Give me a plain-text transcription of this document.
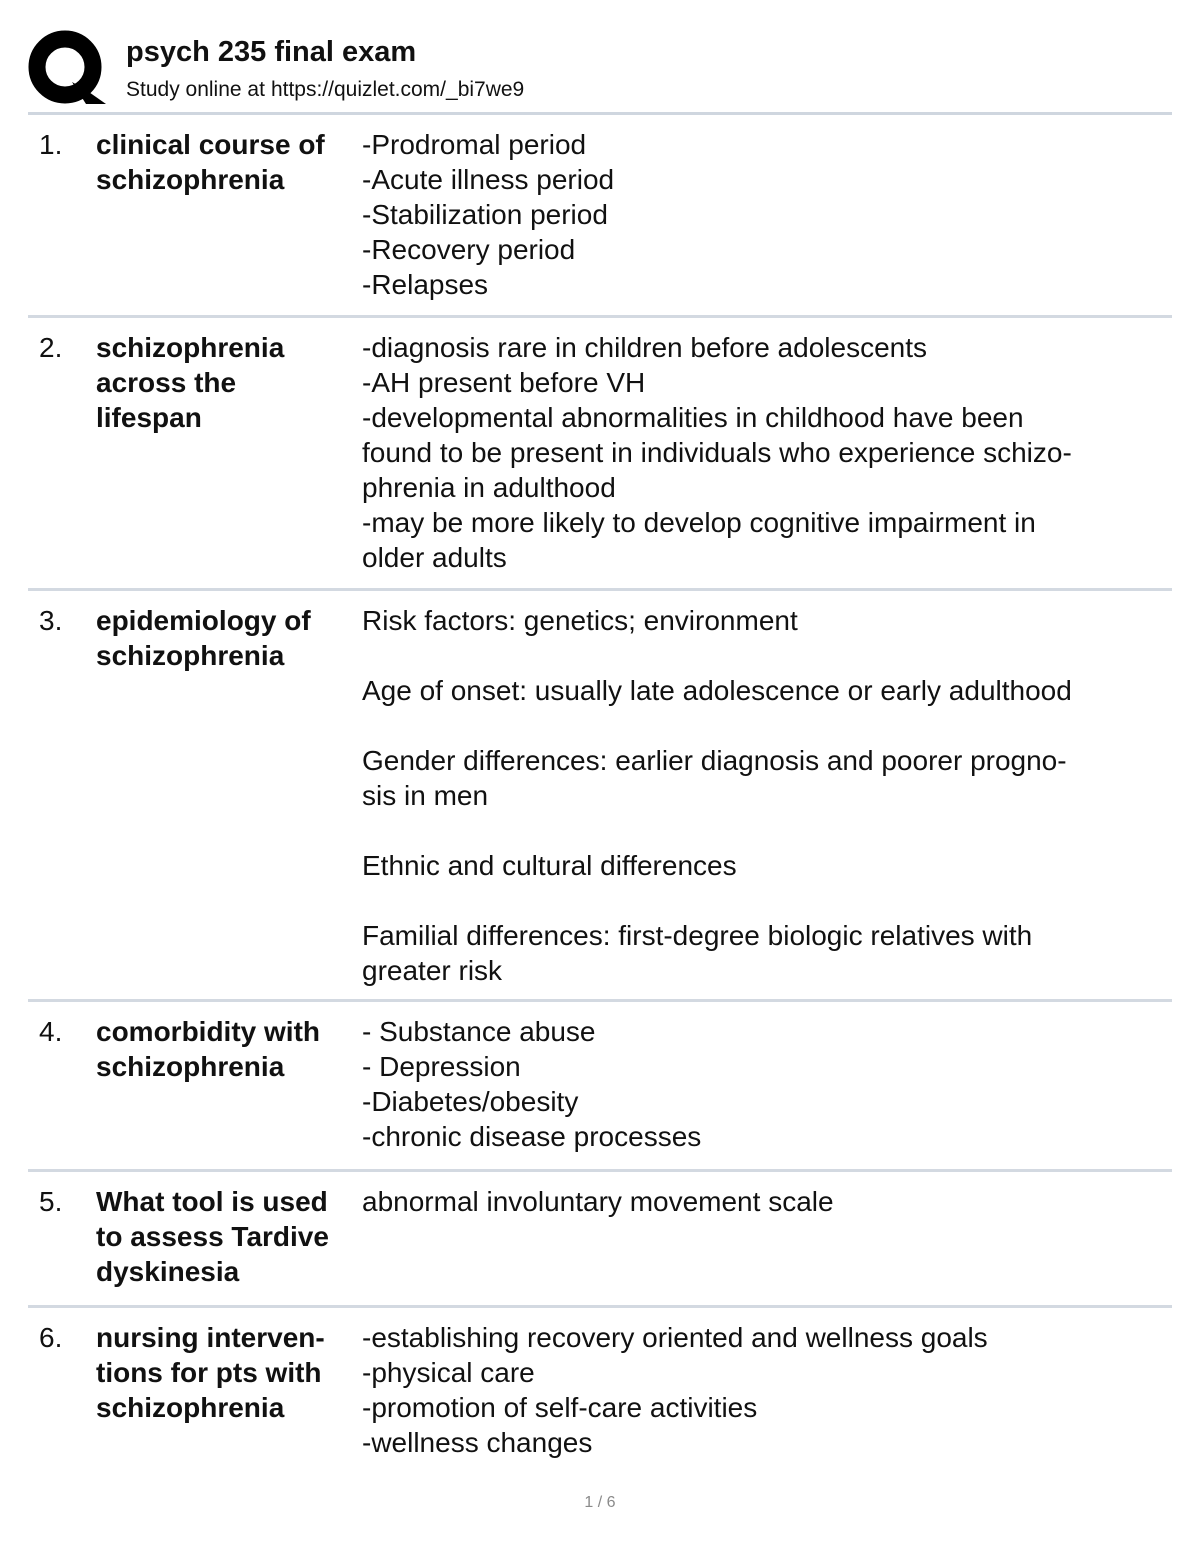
psych 235 final exam
Study online at https://quizlet.com/_bi7we9
1. clinical course of
schizophrenia
-Prodromal period
-Acute illness period
-Stabilization period
-Recovery period
-Relapses
2. schizophrenia
across the
lifespan
-diagnosis rare in children before adolescents
-AH present before VH
-developmental abnormalities in childhood have been
found to be present in individuals who experience schizo-
phrenia in adulthood
-may be more likely to develop cognitive impairment in
older adults
3. epidemiology of
schizophrenia
Risk factors: genetics; environment
Age of onset: usually late adolescence or early adulthood
Gender differences: earlier diagnosis and poorer progno-
sis in men
Ethnic and cultural differences
Familial differences: first-degree biologic relatives with
greater risk
4. comorbidity with
schizophrenia
- Substance abuse
- Depression
-Diabetes/obesity
-chronic disease processes
5. What tool is used
to assess Tardive
dyskinesia
abnormal involuntary movement scale
6. nursing interven-
tions for pts with
schizophrenia
-establishing recovery oriented and wellness goals
-physical care
-promotion of self-care activities
-wellness changes
1 / 6
